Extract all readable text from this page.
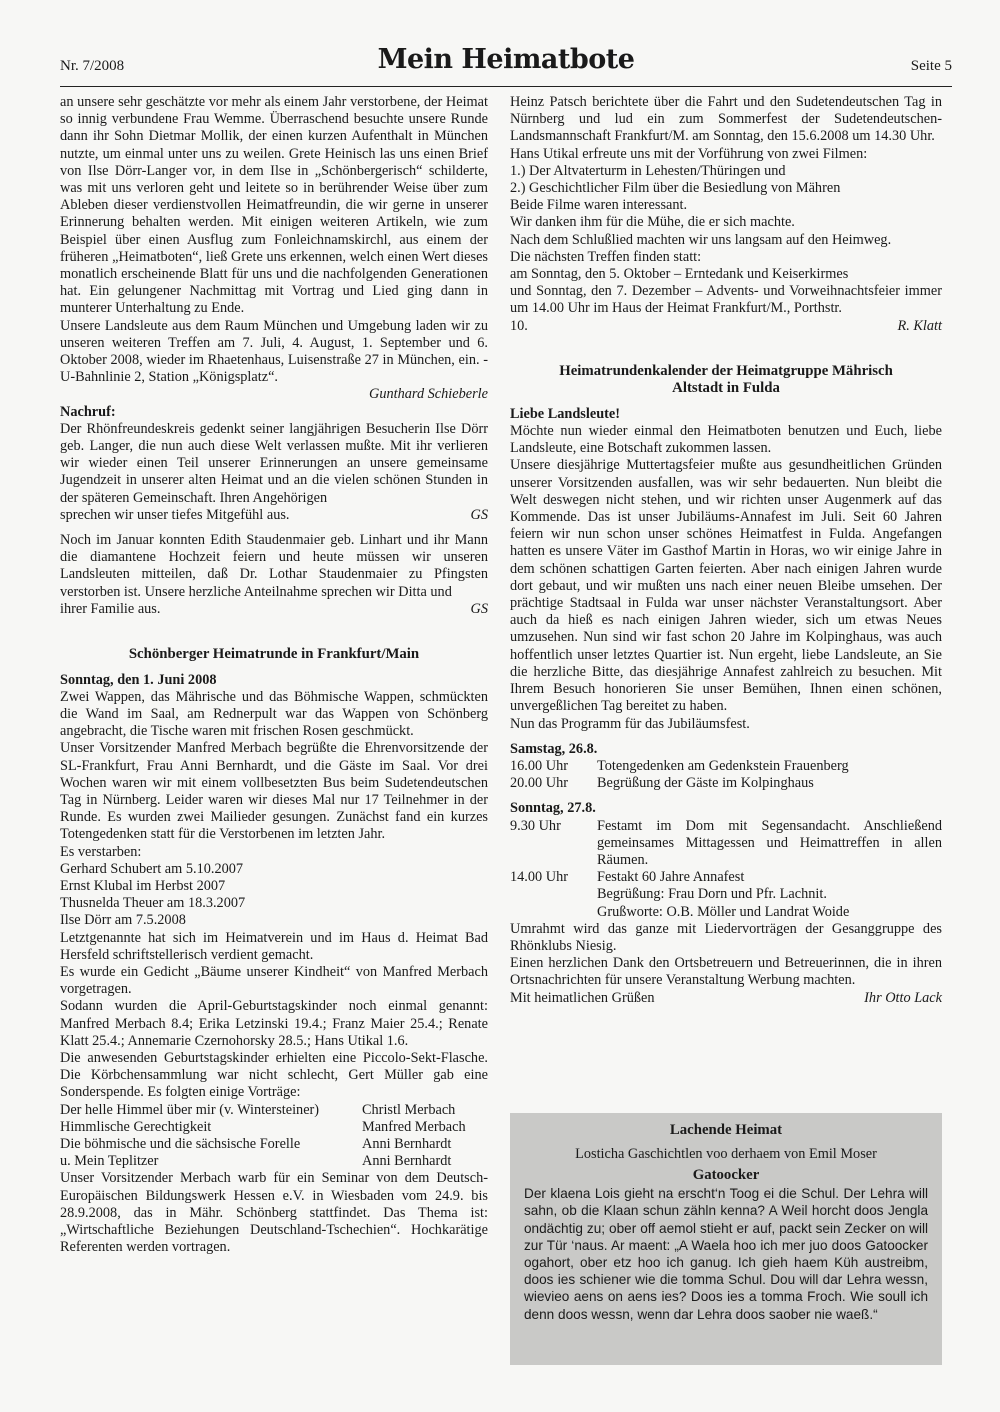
Nr. 7/2008	Mein Heimatbote	Seite 5

an unsere sehr geschätzte vor mehr als einem Jahr verstorbene, der Heimat so innig verbundene Frau Wemme. Überraschend besuchte unsere Runde dann ihr Sohn Dietmar Mollik, der einen kurzen Aufenthalt in München nutzte, um einmal unter uns zu weilen. Grete Heinisch las uns einen Brief von Ilse Dörr-Langer vor, in dem Ilse in „Schönbergerisch“ schilderte, was mit uns verloren geht und leitete so in berührender Weise über zum Ableben dieser verdienstvollen Heimatfreundin, die wir gerne in unserer Erinnerung behalten werden. Mit einigen weiteren Artikeln, wie zum Beispiel über einen Ausflug zum Fonleichnamskirchl, aus einem der früheren „Heimatboten“, ließ Grete uns erkennen, welch einen Wert dieses monatlich erscheinende Blatt für uns und die nachfolgenden Generationen hat. Ein gelungener Nachmittag mit Vortrag und Lied ging dann in munterer Unterhaltung zu Ende.

Unsere Landsleute aus dem Raum München und Umgebung laden wir zu unseren weiteren Treffen am 7. Juli, 4. August, 1. September und 6. Oktober 2008, wieder im Rhaetenhaus, Luisenstraße 27 in München, ein. - U-Bahnlinie 2, Station „Königsplatz“.

Gunthard Schieberle

Nachruf:

Der Rhönfreundeskreis gedenkt seiner langjährigen Besucherin Ilse Dörr geb. Langer, die nun auch diese Welt verlassen mußte. Mit ihr verlieren wir wieder einen Teil unserer Erinnerungen an unsere gemeinsame Jugendzeit in unserer alten Heimat und an die vielen schönen Stunden in der späteren Gemeinschaft. Ihren Angehörigen

sprechen wir unser tiefes Mitgefühl aus.	GS

Noch im Januar konnten Edith Staudenmaier geb. Linhart und ihr Mann die diamantene Hochzeit feiern und heute müssen wir unseren Landsleuten mitteilen, daß Dr. Lothar Staudenmaier zu Pfingsten verstorben ist. Unsere herzliche Anteilnahme sprechen wir Ditta und

ihrer Familie aus.	GS

Schönberger Heimatrunde in Frankfurt/Main

Sonntag, den 1. Juni 2008

Zwei Wappen, das Mährische und das Böhmische Wappen, schmückten die Wand im Saal, am Rednerpult war das Wappen von Schönberg angebracht, die Tische waren mit frischen Rosen geschmückt.

Unser Vorsitzender Manfred Merbach begrüßte die Ehrenvorsitzende der SL-Frankfurt, Frau Anni Bernhardt, und die Gäste im Saal. Vor drei Wochen waren wir mit einem vollbesetzten Bus beim Sudetendeutschen Tag in Nürnberg. Leider waren wir dieses Mal nur 17 Teilnehmer in der Runde. Es wurden zwei Mailieder gesungen. Zunächst fand ein kurzes Totengedenken statt für die Verstorbenen im letzten Jahr.

Es verstarben:

Gerhard Schubert am 5.10.2007

Ernst Klubal im Herbst 2007

Thusnelda Theuer am 18.3.2007

Ilse Dörr am 7.5.2008

Letztgenannte hat sich im Heimatverein und im Haus d. Heimat Bad Hersfeld schriftstellerisch verdient gemacht.

Es wurde ein Gedicht „Bäume unserer Kindheit“ von Manfred Merbach vorgetragen.

Sodann wurden die April-Geburtstagskinder noch einmal genannt: Manfred Merbach 8.4; Erika Letzinski 19.4.; Franz Maier 25.4.; Renate Klatt 25.4.; Annemarie Czernohorsky 28.5.; Hans Utikal 1.6.

Die anwesenden Geburtstagskinder erhielten eine Piccolo-Sekt-Flasche. Die Körbchensammlung war nicht schlecht, Gert Müller gab eine Sonderspende. Es folgten einige Vorträge:

Der helle Himmel über mir (v. Wintersteiner)	Christl Merbach

Himmlische Gerechtigkeit	Manfred Merbach

Die böhmische und die sächsische Forelle	Anni Bernhardt

u. Mein Teplitzer	Anni Bernhardt

Unser Vorsitzender Merbach warb für ein Seminar von dem Deutsch-Europäischen Bildungswerk Hessen e.V. in Wiesbaden vom 24.9. bis 28.9.2008, das in Mähr. Schönberg stattfindet. Das Thema ist: „Wirtschaftliche Beziehungen Deutschland-Tschechien“. Hochkarätige Referenten werden vortragen.

Heinz Patsch berichtete über die Fahrt und den Sudetendeutschen Tag in Nürnberg und lud ein zum Sommerfest der Sudetendeutschen-Landsmannschaft Frankfurt/M. am Sonntag, den 15.6.2008 um 14.30 Uhr.

Hans Utikal erfreute uns mit der Vorführung von zwei Filmen:

1.) Der Altvaterturm in Lehesten/Thüringen und

2.) Geschichtlicher Film über die Besiedlung von Mähren

Beide Filme waren interessant.

Wir danken ihm für die Mühe, die er sich machte.

Nach dem Schlußlied machten wir uns langsam auf den Heimweg.

Die nächsten Treffen finden statt:

am Sonntag, den 5. Oktober – Erntedank und Keiserkirmes

und Sonntag, den 7. Dezember – Advents- und Vorweihnachtsfeier immer um 14.00 Uhr im Haus der Heimat Frankfurt/M., Porthstr.

10.	R. Klatt

Heimatrundenkalender der Heimatgruppe Mährisch

Altstadt in Fulda

Liebe Landsleute!

Möchte nun wieder einmal den Heimatboten benutzen und Euch, liebe Landsleute, eine Botschaft zukommen lassen.

Unsere diesjährige Muttertagsfeier mußte aus gesundheitlichen Gründen unserer Vorsitzenden ausfallen, was wir sehr bedauerten. Nun bleibt die Welt deswegen nicht stehen, und wir richten unser Augenmerk auf das Kommende. Das ist unser Jubiläums-Annafest im Juli. Seit 60 Jahren feiern wir nun schon unser schönes Heimatfest in Fulda. Angefangen hatten es unsere Väter im Gasthof Martin in Horas, wo wir einige Jahre in dem schönen schattigen Garten feierten. Aber nach einigen Jahren wurde dort gebaut, und wir mußten uns nach einer neuen Bleibe umsehen. Der prächtige Stadtsaal in Fulda war unser nächster Veranstaltungsort. Aber auch da hieß es nach einigen Jahren wieder, sich um etwas Neues umzusehen. Nun sind wir fast schon 20 Jahre im Kolpinghaus, was auch hoffentlich unser letztes Quartier ist. Nun ergeht, liebe Landsleute, an Sie die herzliche Bitte, das diesjährige Annafest zahlreich zu besuchen. Mit Ihrem Besuch honorieren Sie unser Bemühen, Ihnen einen schönen, unvergeßlichen Tag bereitet zu haben.

Nun das Programm für das Jubiläumsfest.

Samstag, 26.8.

16.00 Uhr	Totengedenken am Gedenkstein Frauenberg
20.00 Uhr	Begrüßung der Gäste im Kolpinghaus

Sonntag, 27.8.

9.30 Uhr	Festamt im Dom mit Segensandacht. Anschließend gemeinsames Mittagessen und Heimattreffen in allen Räumen.
14.00 Uhr	Festakt 60 Jahre Annafest
Begrüßung: Frau Dorn und Pfr. Lachnit.
Grußworte: O.B. Möller und Landrat Woide

Umrahmt wird das ganze mit Liedervorträgen der Gesanggruppe des Rhönklubs Niesig.

Einen herzlichen Dank den Ortsbetreuern und Betreuerinnen, die in ihren Ortsnachrichten für unsere Veranstaltung Werbung machten.

Mit heimatlichen Grüßen	Ihr Otto Lack

Lachende Heimat

Losticha Gaschichtlen voo derhaem von Emil Moser

Gatoocker

Der klaena Lois gieht na erscht‘n Toog ei die Schul. Der Lehra will sahn, ob die Klaan schun zähln kenna? A Weil horcht doos Jengla ondächtig zu; ober off aemol stieht er auf, packt sein Zecker on will zur Tür ‘naus. Ar maent: „A Waela hoo ich mer juo doos Gatoocker ogahort, ober etz hoo ich ganug. Ich gieh haem Küh austreibm, doos ies schiener wie die tomma Schul. Dou will dar Lehra wessn, wievieo aens on aens ies? Doos ies a tomma Froch. Wie soull ich denn doos wessn, wenn dar Lehra doos saober nie waeß.“
